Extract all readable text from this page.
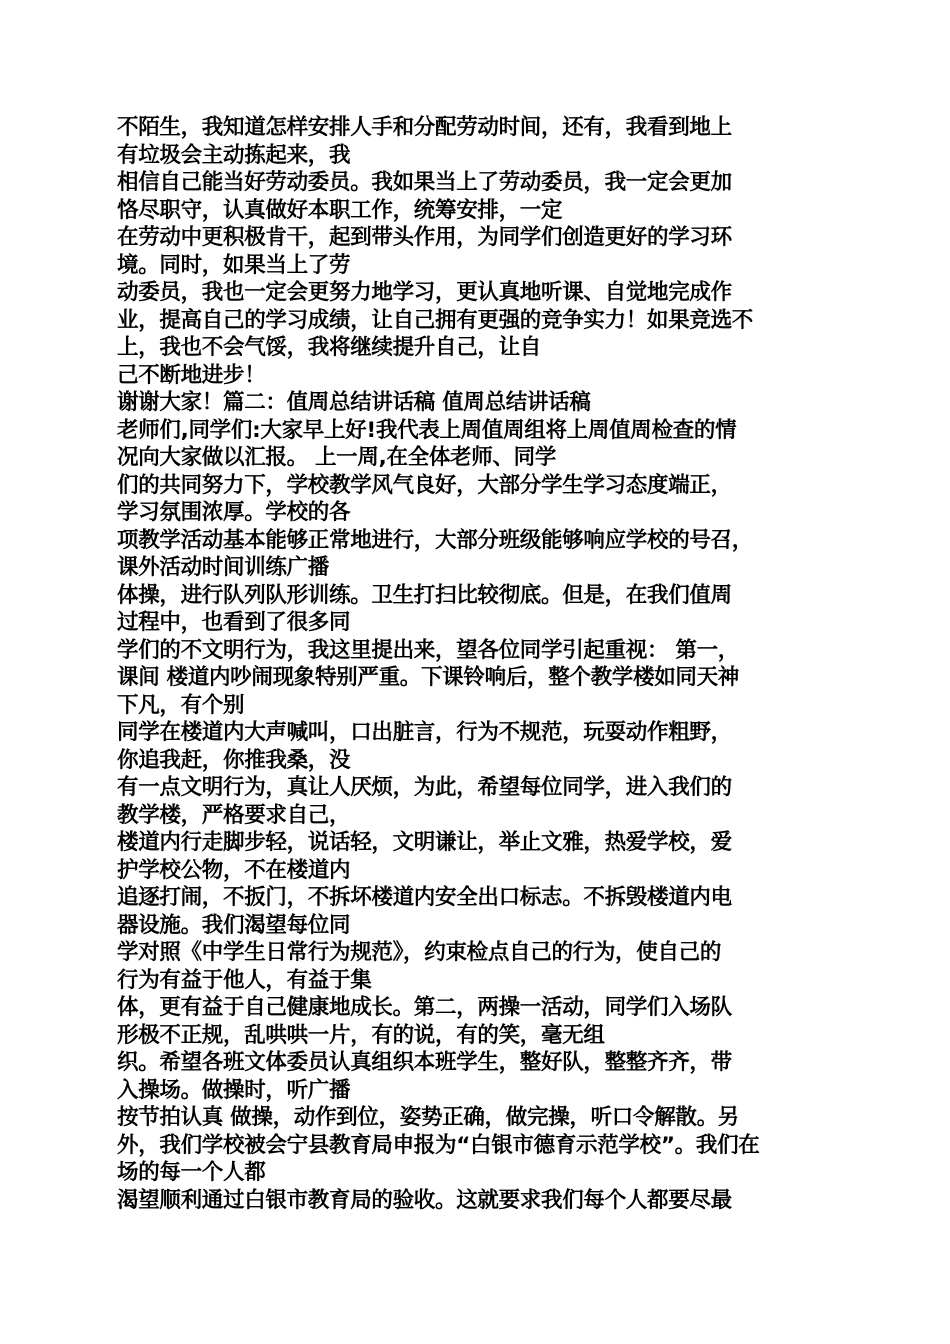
不陌生，我知道怎样安排人手和分配劳动时间，还有，我看到地上
有垃圾会主动拣起来，我
相信自己能当好劳动委员。我如果当上了劳动委员，我一定会更加
恪尽职守，认真做好本职工作，统筹安排，一定
在劳动中更积极肯干，起到带头作用，为同学们创造更好的学习环
境。同时，如果当上了劳
动委员，我也一定会更努力地学习，更认真地听课、自觉地完成作
业，提高自己的学习成绩，让自己拥有更强的竞争实力！如果竞选不
上，我也不会气馁，我将继续提升自己，让自
己不断地进步！
谢谢大家！篇二：值周总结讲话稿 值周总结讲话稿
老师们,同学们:大家早上好!我代表上周值周组将上周值周检查的情
况向大家做以汇报。 上一周,在全体老师、同学
们的共同努力下，学校教学风气良好，大部分学生学习态度端正，
学习氛围浓厚。学校的各
项教学活动基本能够正常地进行，大部分班级能够响应学校的号召，
课外活动时间训练广播
体操，进行队列队形训练。卫生打扫比较彻底。但是，在我们值周
过程中，也看到了很多同
学们的不文明行为，我这里提出来，望各位同学引起重视： 第一，
课间 楼道内吵闹现象特别严重。下课铃响后，整个教学楼如同天神
下凡，有个别
同学在楼道内大声喊叫，口出脏言，行为不规范，玩耍动作粗野，
你追我赶，你推我桑，没
有一点文明行为，真让人厌烦，为此，希望每位同学，进入我们的
教学楼，严格要求自己，
楼道内行走脚步轻，说话轻，文明谦让，举止文雅，热爱学校，爱
护学校公物，不在楼道内
追逐打闹，不扳门，不拆坏楼道内安全出口标志。不拆毁楼道内电
器设施。我们渴望每位同
学对照《中学生日常行为规范》，约束检点自己的行为，使自己的
行为有益于他人，有益于集
体，更有益于自己健康地成长。第二，两操一活动，同学们入场队
形极不正规，乱哄哄一片，有的说，有的笑，毫无组
织。希望各班文体委员认真组织本班学生，整好队，整整齐齐，带
入操场。做操时，听广播
按节拍认真 做操，动作到位，姿势正确，做完操，听口令解散。另
外，我们学校被会宁县教育局申报为“白银市德育示范学校”。我们在
场的每一个人都
渴望顺利通过白银市教育局的验收。这就要求我们每个人都要尽最
